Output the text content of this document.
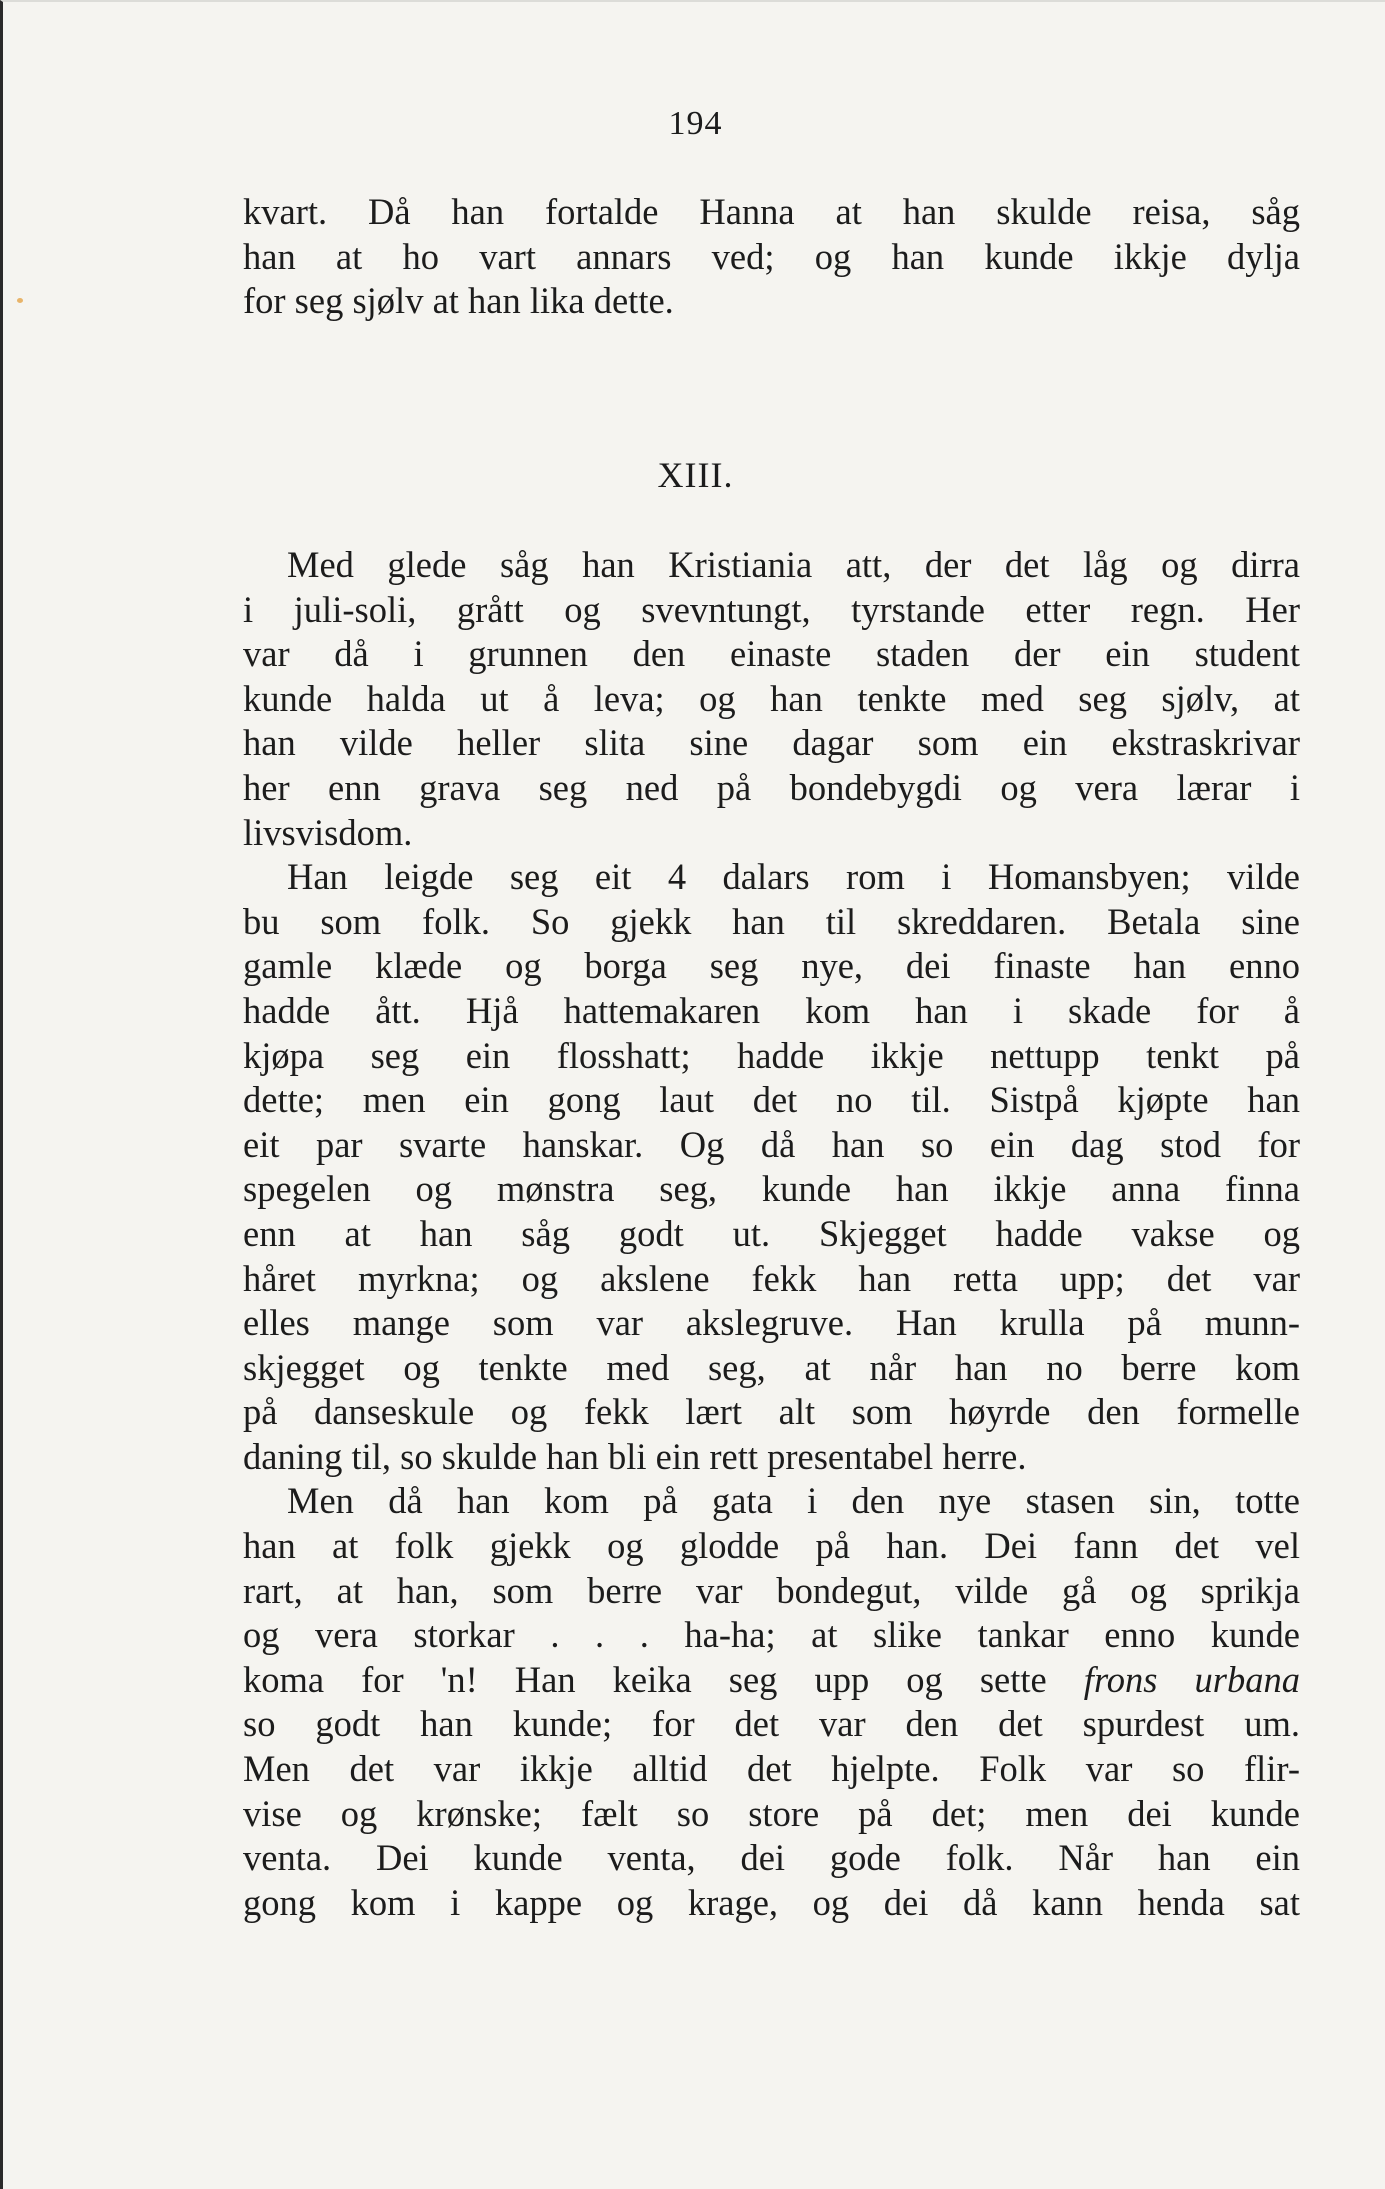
194
kvart. Då han fortalde Hanna at han skulde reisa, såg
han at ho vart annars ved; og han kunde ikkje dylja
for seg sjølv at han lika dette.
XIII.
Med glede såg han Kristiania att, der det låg og dirra
i juli-soli, grått og svevntungt, tyrstande etter regn. Her
var då i grunnen den einaste staden der ein student
kunde halda ut å leva; og han tenkte med seg sjølv, at
han vilde heller slita sine dagar som ein ekstraskrivar
her enn grava seg ned på bondebygdi og vera lærar i
livsvisdom.
Han leigde seg eit 4 dalars rom i Homansbyen; vilde
bu som folk. So gjekk han til skreddaren. Betala sine
gamle klæde og borga seg nye, dei finaste han enno
hadde ått. Hjå hattemakaren kom han i skade for å
kjøpa seg ein flosshatt; hadde ikkje nettupp tenkt på
dette; men ein gong laut det no til. Sistpå kjøpte han
eit par svarte hanskar. Og då han so ein dag stod for
spegelen og mønstra seg, kunde han ikkje anna finna
enn at han såg godt ut. Skjegget hadde vakse og
håret myrkna; og akslene fekk han retta upp; det var
elles mange som var akslegruve. Han krulla på munn-
skjegget og tenkte med seg, at når han no berre kom
på danseskule og fekk lært alt som høyrde den formelle
daning til, so skulde han bli ein rett presentabel herre.
Men då han kom på gata i den nye stasen sin, totte
han at folk gjekk og glodde på han. Dei fann det vel
rart, at han, som berre var bondegut, vilde gå og sprikja
og vera storkar . . . ha-ha; at slike tankar enno kunde
koma for 'n! Han keika seg upp og sette frons urbana
so godt han kunde; for det var den det spurdest um.
Men det var ikkje alltid det hjelpte. Folk var so flir-
vise og krønske; fælt so store på det; men dei kunde
venta. Dei kunde venta, dei gode folk. Når han ein
gong kom i kappe og krage, og dei då kann henda sat
